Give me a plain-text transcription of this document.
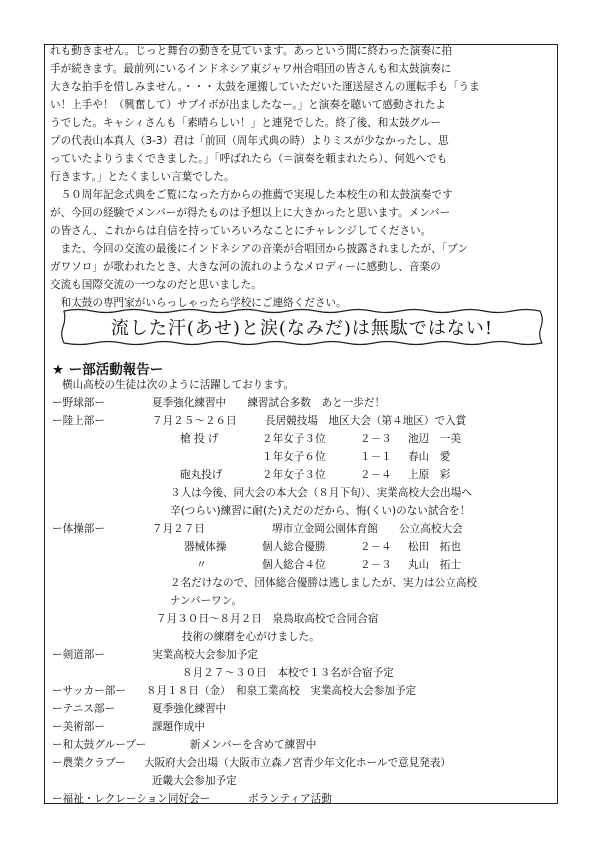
れも動きません。じっと舞台の動きを見ています。あっという間に終わった演奏に拍
手が続きます。最前列にいるインドネシア東ジャワ州合唱団の皆さんも和太鼓演奏に
大きな拍手を惜しみません。・・・太鼓を運搬していただいた運送屋さんの運転手も「うま
い！上手や！（興奮して）サブイボが出ましたなー。」と演奏を聴いて感動されたよ
うでした。キャシィさんも「素晴らしい！」と連発でした。終了後、和太鼓グルー
プの代表山本真人（3-3）君は「前回（周年式典の時）よりミスが少なかったし、思
っていたよりうまくできました。」「呼ばれたら（＝演奏を頼まれたら）、何処へでも
行きます。」とたくましい言葉でした。
　５０周年記念式典をご覧になった方からの推薦で実現した本校生の和太鼓演奏です
が、今回の経験でメンバーが得たものは予想以上に大きかったと思います。メンバー
の皆さん、これからは自信を持っていろいろなことにチャレンジしてください。
　また、今回の交流の最後にインドネシアの音楽が合唱団から披露されましたが、「ブン
ガワソロ」が歌われたとき、大きな河の流れのようなメロディーに感動し、音楽の
交流も国際交流の一つなのだと思いました。
　和太鼓の専門家がいらっしゃったら学校にご連絡ください。
流した汗(あせ)と涙(なみだ)は無駄ではない!
★ ー部活動報告ー
横山高校の生徒は次のように活躍しております。
ー野球部ー	夏季強化練習中　　練習試合多数　あと一歩だ！
ー陸上部ー	７月２５～２６日	長居競技場　地区大会（第４地区）で入賞
槍 投 げ	２年女子３位	２－３ 池辺　一美
１年女子６位	１－１ 春山　愛
砲丸投げ	２年女子３位	２－４ 上原　彩
３人は今後、同大会の本大会（８月下旬）、実業高校大会出場へ
辛(つらい)練習に耐(た)えだのだから、悔(くい)のない試合を！
ー体操部ー	７月２７日	堺市立金岡公園体育館　　公立高校大会
器械体操	個人総合優勝	２－４ 松田　拓也
〃	個人総合４位	２－３ 丸山　拓士
２名だけなので、団体総合優勝は逃しましたが、実力は公立高校
ナンバーワン。
７月３０日～８月２日　泉鳥取高校で合同合宿
技術の練磨を心がけました。
ー剣道部ー	実業高校大会参加予定
８月２７～３０日　本校で１３名が合宿予定
ーサッカー部ー ８月１８日（金）　和泉工業高校　実業高校大会参加予定
ーテニス部ー	夏季強化練習中
ー美術部ー	課題作成中
ー和太鼓グループー	新メンバーを含めて練習中
ー農業クラブー 大阪府大会出場（大阪市立森ノ宮青少年文化ホールで意見発表）
近畿大会参加予定
ー福祉・レクレーション同好会ー	ボランティア活動
